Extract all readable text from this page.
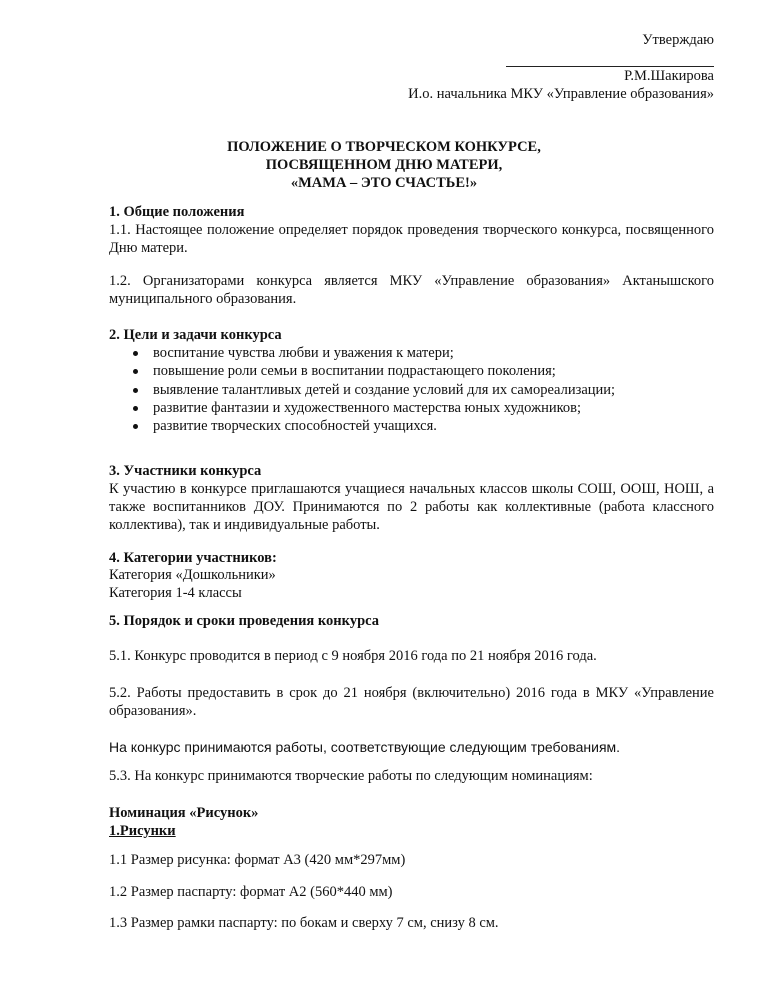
Утверждаю
Р.М.Шакирова
И.о. начальника МКУ «Управление образования»
ПОЛОЖЕНИЕ О ТВОРЧЕСКОМ КОНКУРСЕ,
ПОСВЯЩЕННОМ ДНЮ МАТЕРИ,
«МАМА – ЭТО СЧАСТЬЕ!»
1. Общие положения
1.1. Настоящее положение определяет порядок проведения творческого конкурса, посвященного Дню матери.
1.2. Организаторами конкурса является МКУ «Управление образования» Актанышского муниципального образования.
2. Цели и задачи конкурса
воспитание чувства любви и уважения к матери;
повышение роли семьи в воспитании подрастающего поколения;
выявление талантливых детей и создание условий для их самореализации;
развитие фантазии и художественного мастерства юных художников;
развитие творческих способностей учащихся.
3. Участники конкурса
К участию в конкурсе приглашаются учащиеся начальных классов школы СОШ, ООШ, НОШ, а также воспитанников ДОУ. Принимаются по 2 работы как коллективные (работа классного коллектива), так и индивидуальные работы.
4. Категории участников:
Категория «Дошкольники»
Категория 1-4 классы
5. Порядок и сроки проведения конкурса
5.1. Конкурс проводится в период с 9 ноября 2016 года по 21 ноября 2016 года.
5.2. Работы предоставить в срок до 21 ноября (включительно) 2016 года в МКУ «Управление образования».
На конкурс принимаются работы, соответствующие следующим требованиям.
5.3. На конкурс принимаются творческие работы по следующим номинациям:
Номинация «Рисунок»
1.Рисунки
1.1 Размер рисунка: формат А3 (420 мм*297мм)
1.2 Размер паспарту: формат А2 (560*440 мм)
1.3 Размер рамки паспарту: по бокам и сверху 7 см, снизу 8 см.
